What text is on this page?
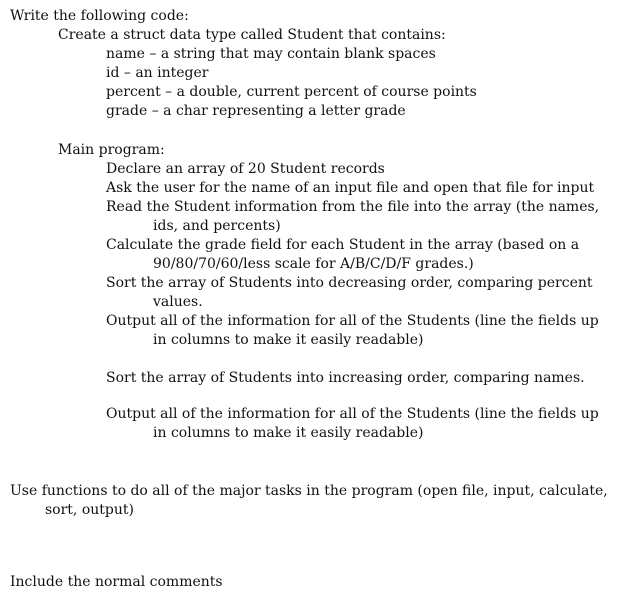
Write the following code:
Create a struct data type called Student that contains:
name – a string that may contain blank spaces
id – an integer
percent – a double, current percent of course points
grade – a char representing a letter grade
Main program:
Declare an array of 20 Student records
Ask the user for the name of an input file and open that file for input
Read the Student information from the file into the array (the names,
ids, and percents)
Calculate the grade field for each Student in the array (based on a
90/80/70/60/less scale for A/B/C/D/F grades.)
Sort the array of Students into decreasing order, comparing percent
values.
Output all of the information for all of the Students (line the fields up
in columns to make it easily readable)
Sort the array of Students into increasing order, comparing names.
Output all of the information for all of the Students (line the fields up
in columns to make it easily readable)
Use functions to do all of the major tasks in the program (open file, input, calculate,
sort, output)
Include the normal comments
